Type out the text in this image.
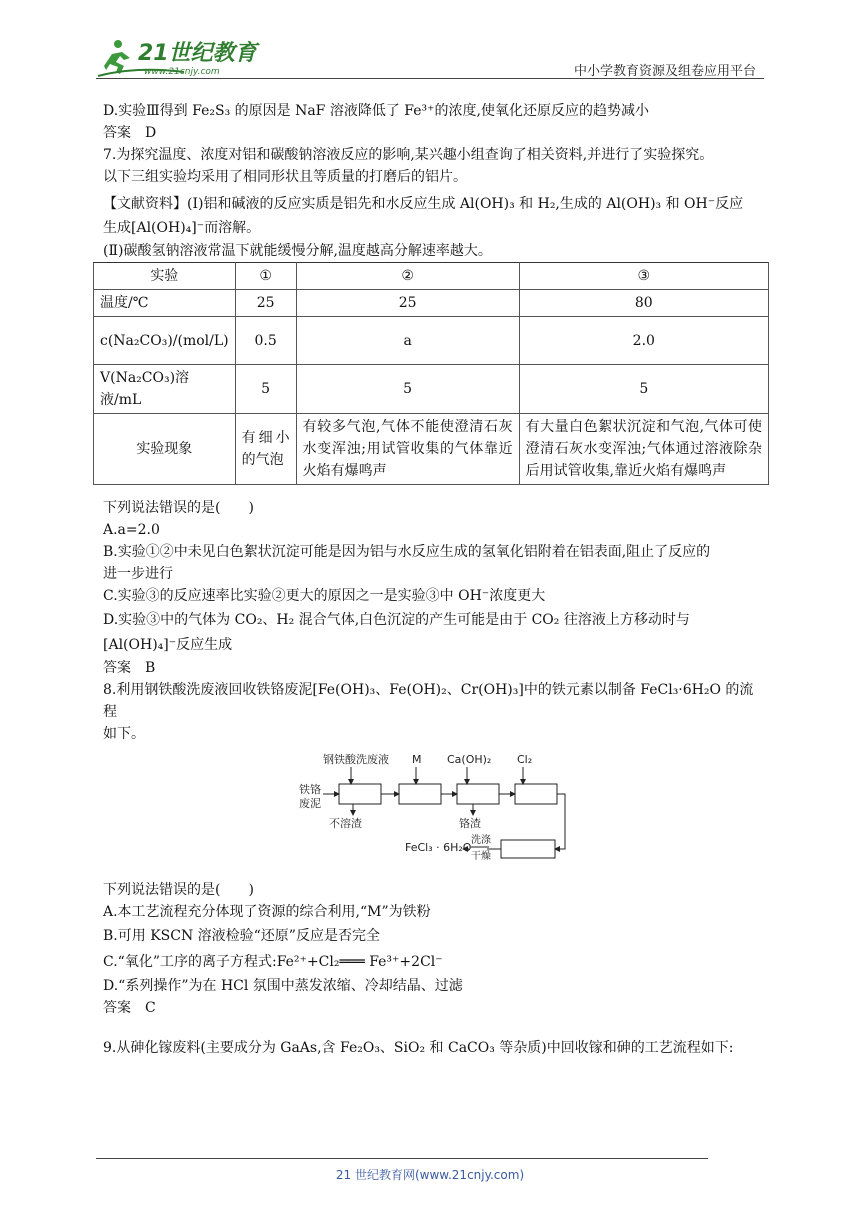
21世纪教育
www.21cnjy.com	中小学教育资源及组卷应用平台

D.实验Ⅲ得到 Fe₂S₃ 的原因是 NaF 溶液降低了 Fe³⁺的浓度,使氧化还原反应的趋势减小

答案　D

7.为探究温度、浓度对铝和碳酸钠溶液反应的影响,某兴趣小组查询了相关资料,并进行了实验探究。

以下三组实验均采用了相同形状且等质量的打磨后的铝片。

【文献资料】(Ⅰ)铝和碱液的反应实质是铝先和水反应生成 Al(OH)₃ 和 H₂,生成的 Al(OH)₃ 和 OH⁻反应

生成[Al(OH)₄]⁻而溶解。

(Ⅱ)碳酸氢钠溶液常温下就能缓慢分解,温度越高分解速率越大。

实验	①	②	③
温度/℃	25	25	80
c(Na₂CO₃)/(mol/L)	0.5	a	2.0
V(Na₂CO₃)溶液/mL	5	5	5
实验现象	有细小的气泡	有较多气泡,气体不能使澄清石灰水变浑浊;用试管收集的气体靠近火焰有爆鸣声	有大量白色絮状沉淀和气泡,气体可使澄清石灰水变浑浊;气体通过溶液除杂后用试管收集,靠近火焰有爆鸣声

下列说法错误的是(　　)

A.a=2.0

B.实验①②中未见白色絮状沉淀可能是因为铝与水反应生成的氢氧化铝附着在铝表面,阻止了反应的

进一步进行

C.实验③的反应速率比实验②更大的原因之一是实验③中 OH⁻浓度更大

D.实验③中的气体为 CO₂、H₂ 混合气体,白色沉淀的产生可能是由于 CO₂ 往溶液上方移动时与

[Al(OH)₄]⁻反应生成

答案　B

8.利用钢铁酸洗废液回收铁铬废泥[Fe(OH)₃、Fe(OH)₂、Cr(OH)₃]中的铁元素以制备 FeCl₃·6H₂O 的流程

如下。

钢铁酸洗废液 M Ca(OH)₂ Cl₂
铁铬
废泥
不溶渣	铬渣
FeCl₃ · 6H₂O
洗涤
干燥

下列说法错误的是(　　)

A.本工艺流程充分体现了资源的综合利用,“M”为铁粉

B.可用 KSCN 溶液检验“还原”反应是否完全

C.“氧化”工序的离子方程式:Fe²⁺+Cl₂═══ Fe³⁺+2Cl⁻

D.“系列操作”为在 HCl 氛围中蒸发浓缩、冷却结晶、过滤

答案　C

9.从砷化镓废料(主要成分为 GaAs,含 Fe₂O₃、SiO₂ 和 CaCO₃ 等杂质)中回收镓和砷的工艺流程如下:

21 世纪教育网(www.21cnjy.com)
